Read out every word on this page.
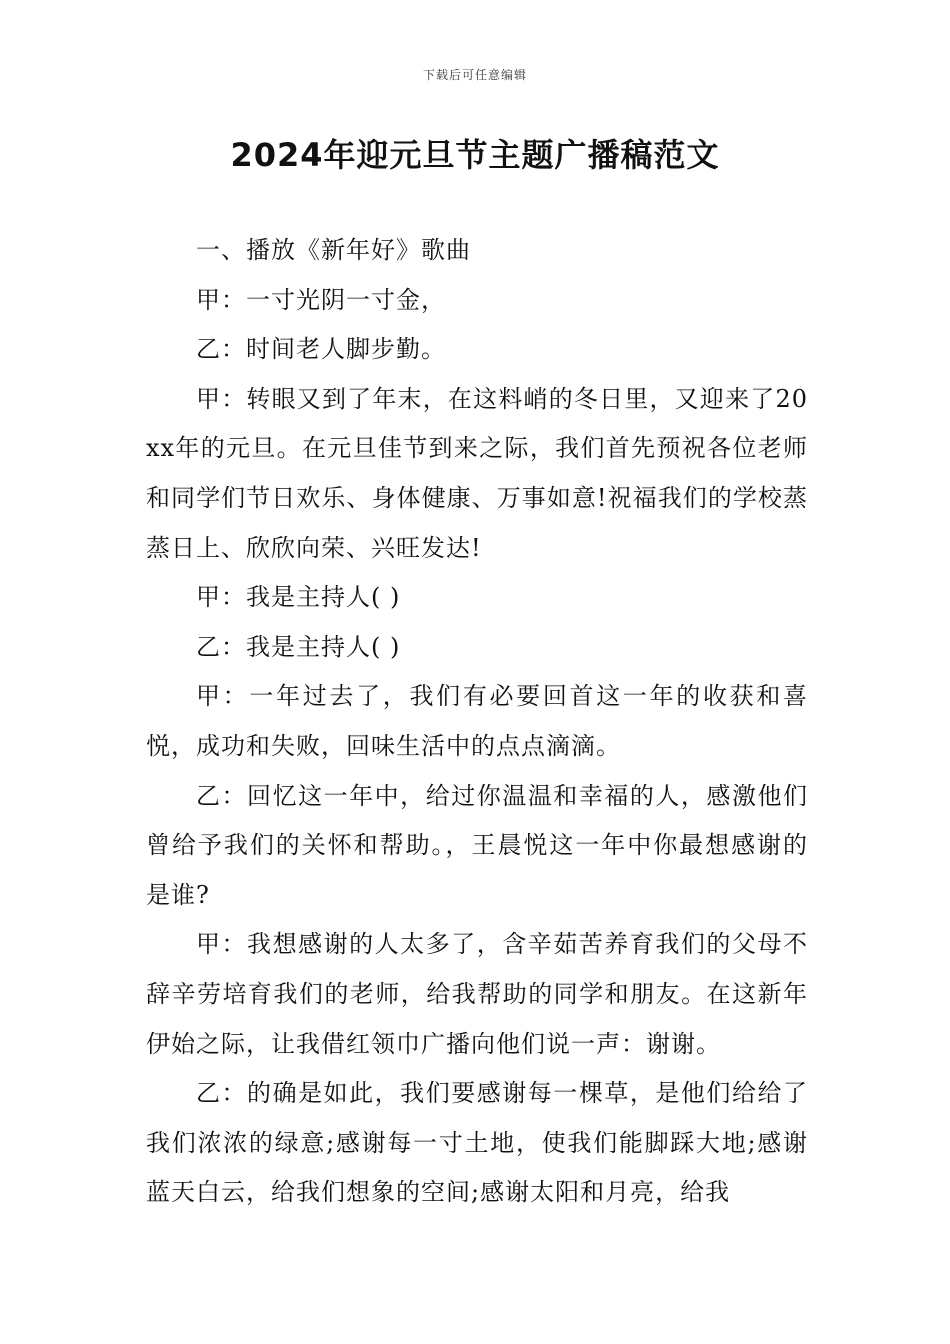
下载后可任意编辑
2024年迎元旦节主题广播稿范文

一、播放《新年好》歌曲

甲：一寸光阴一寸金，

乙：时间老人脚步勤。

甲：转眼又到了年末，在这料峭的冬日里，又迎来了20xx年的元旦。在元旦佳节到来之际，我们首先预祝各位老师和同学们节日欢乐、身体健康、万事如意!祝福我们的学校蒸蒸日上、欣欣向荣、兴旺发达!

甲：我是主持人( )

乙：我是主持人( )

甲：一年过去了，我们有必要回首这一年的收获和喜悦，成功和失败，回味生活中的点点滴滴。

乙：回忆这一年中，给过你温温和幸福的人，感激他们曾给予我们的关怀和帮助。，王晨悦这一年中你最想感谢的是谁?

甲：我想感谢的人太多了，含辛茹苦养育我们的父母不辞辛劳培育我们的老师，给我帮助的同学和朋友。在这新年伊始之际，让我借红领巾广播向他们说一声：谢谢。

乙：的确是如此，我们要感谢每一棵草，是他们给给了我们浓浓的绿意;感谢每一寸土地，使我们能脚踩大地;感谢蓝天白云，给我们想象的空间;感谢太阳和月亮，给我
